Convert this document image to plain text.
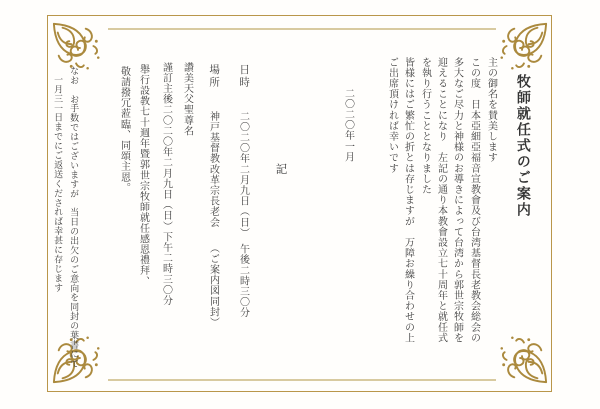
牧師就任式のご案内
主の御名を賛美します
この度　日本亞細亞福音宣教會及び台湾基督長老教会総会の
多大なご尽力と神様のお導きによって台湾から郭世宗牧師を
迎えることになり　左記の通り本教會設立七十周年と就任式
を執り行うこととなりました
皆様にはご繁忙の折とは存じますが　万障お繰り合わせの上
ご出席頂ければ幸いです
二〇二〇年一月
記
日時
二〇二〇年二月九日（日）　午後二時三〇分
場所
神戸基督教改革宗長老会
（ご案内図同封）
讚美天父聖尊名
謹訂主後二〇二〇年二月九日（日）下午二時三〇分
舉行設教七十週年暨郭世宗牧師就任感恩禮拜、
敬請撥冗蒞臨、同頌主恩。
なお　お手数ではございますが　当日の出欠のご意向を同封の葉書にて
一月三一日までにご返送くだされば幸甚に存じます
